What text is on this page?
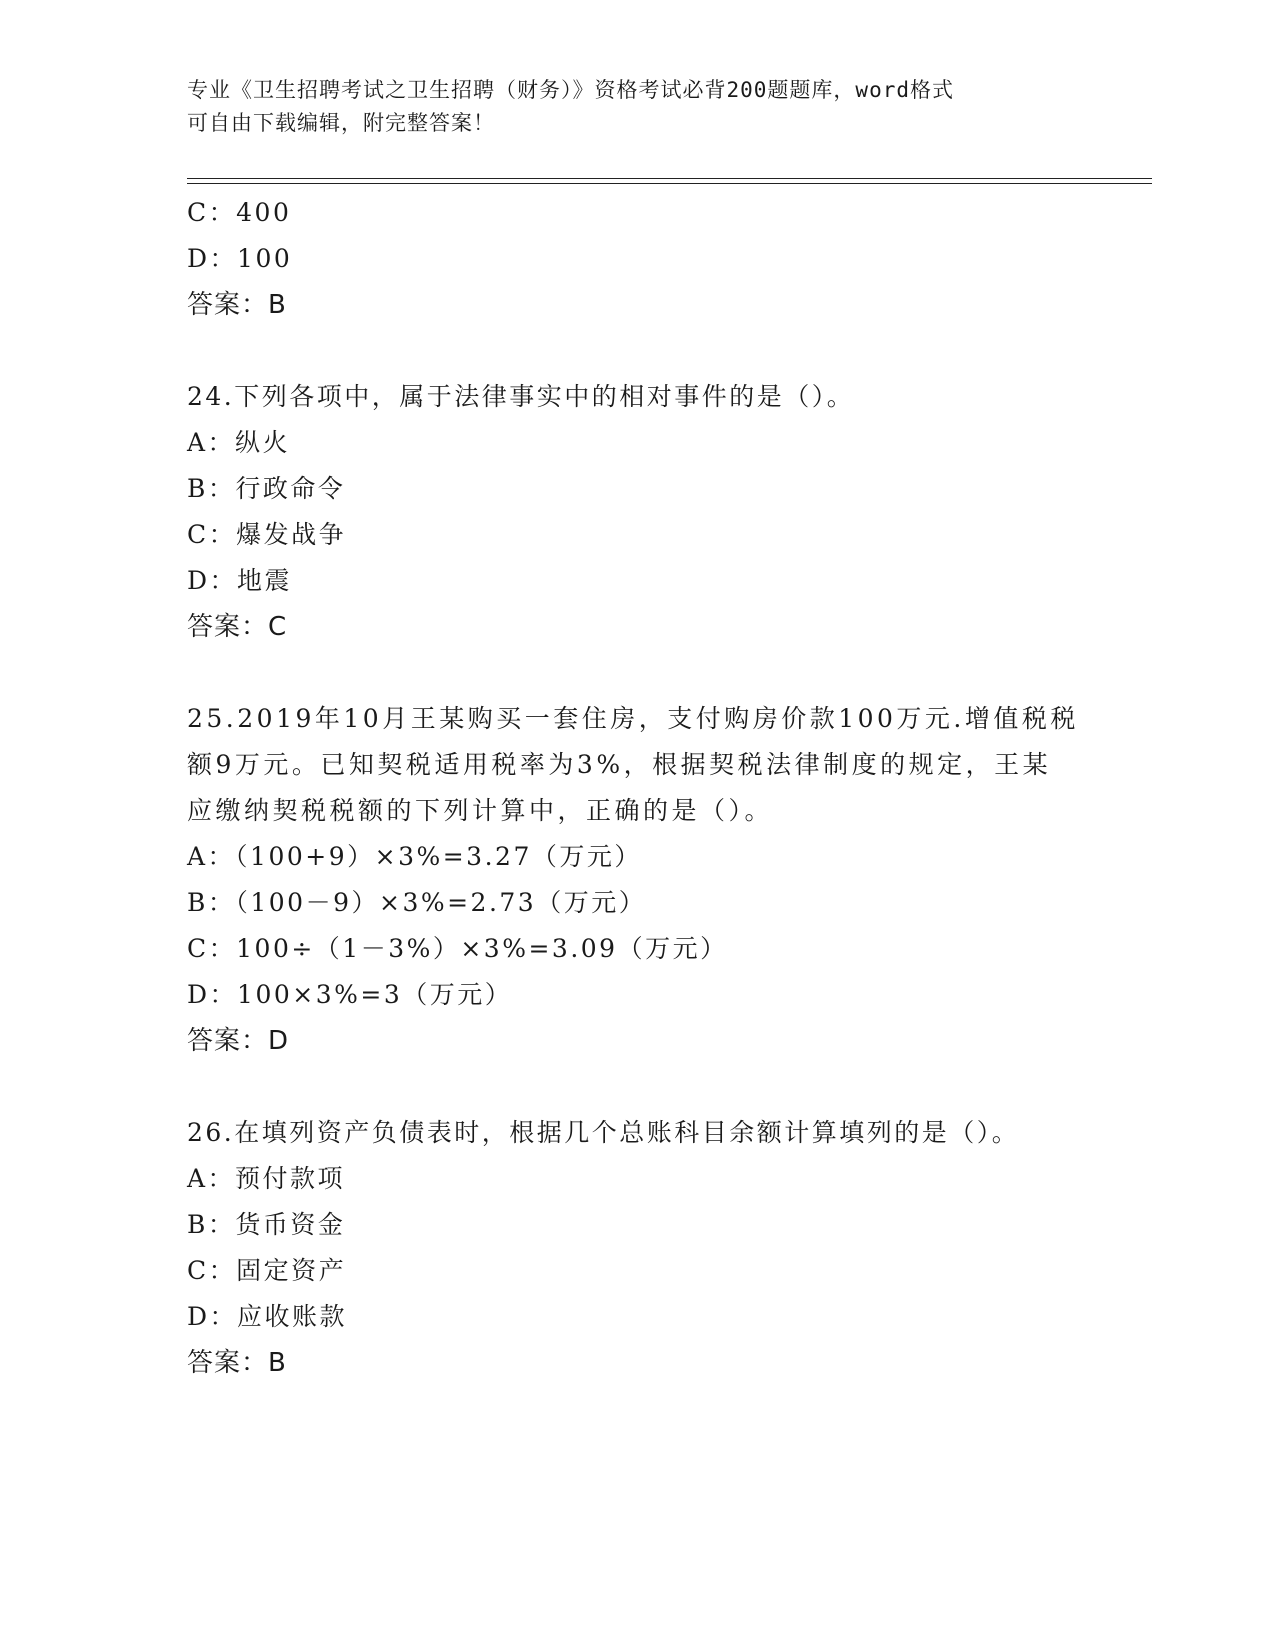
专业《卫生招聘考试之卫生招聘（财务）》资格考试必背200题题库，word格式
可自由下载编辑，附完整答案！
C：400
D：100
答案：B
24.下列各项中，属于法律事实中的相对事件的是（）。
A：纵火
B：行政命令
C：爆发战争
D：地震
答案：C
25.2019年10月王某购买一套住房，支付购房价款100万元.增值税税
额9万元。已知契税适用税率为3%，根据契税法律制度的规定，王某
应缴纳契税税额的下列计算中，正确的是（）。
A：（100+9）×3%=3.27（万元）
B：（100－9）×3%=2.73（万元）
C：100÷（1－3%）×3%=3.09（万元）
D：100×3%=3（万元）
答案：D
26.在填列资产负债表时，根据几个总账科目余额计算填列的是（）。
A：预付款项
B：货币资金
C：固定资产
D：应收账款
答案：B
